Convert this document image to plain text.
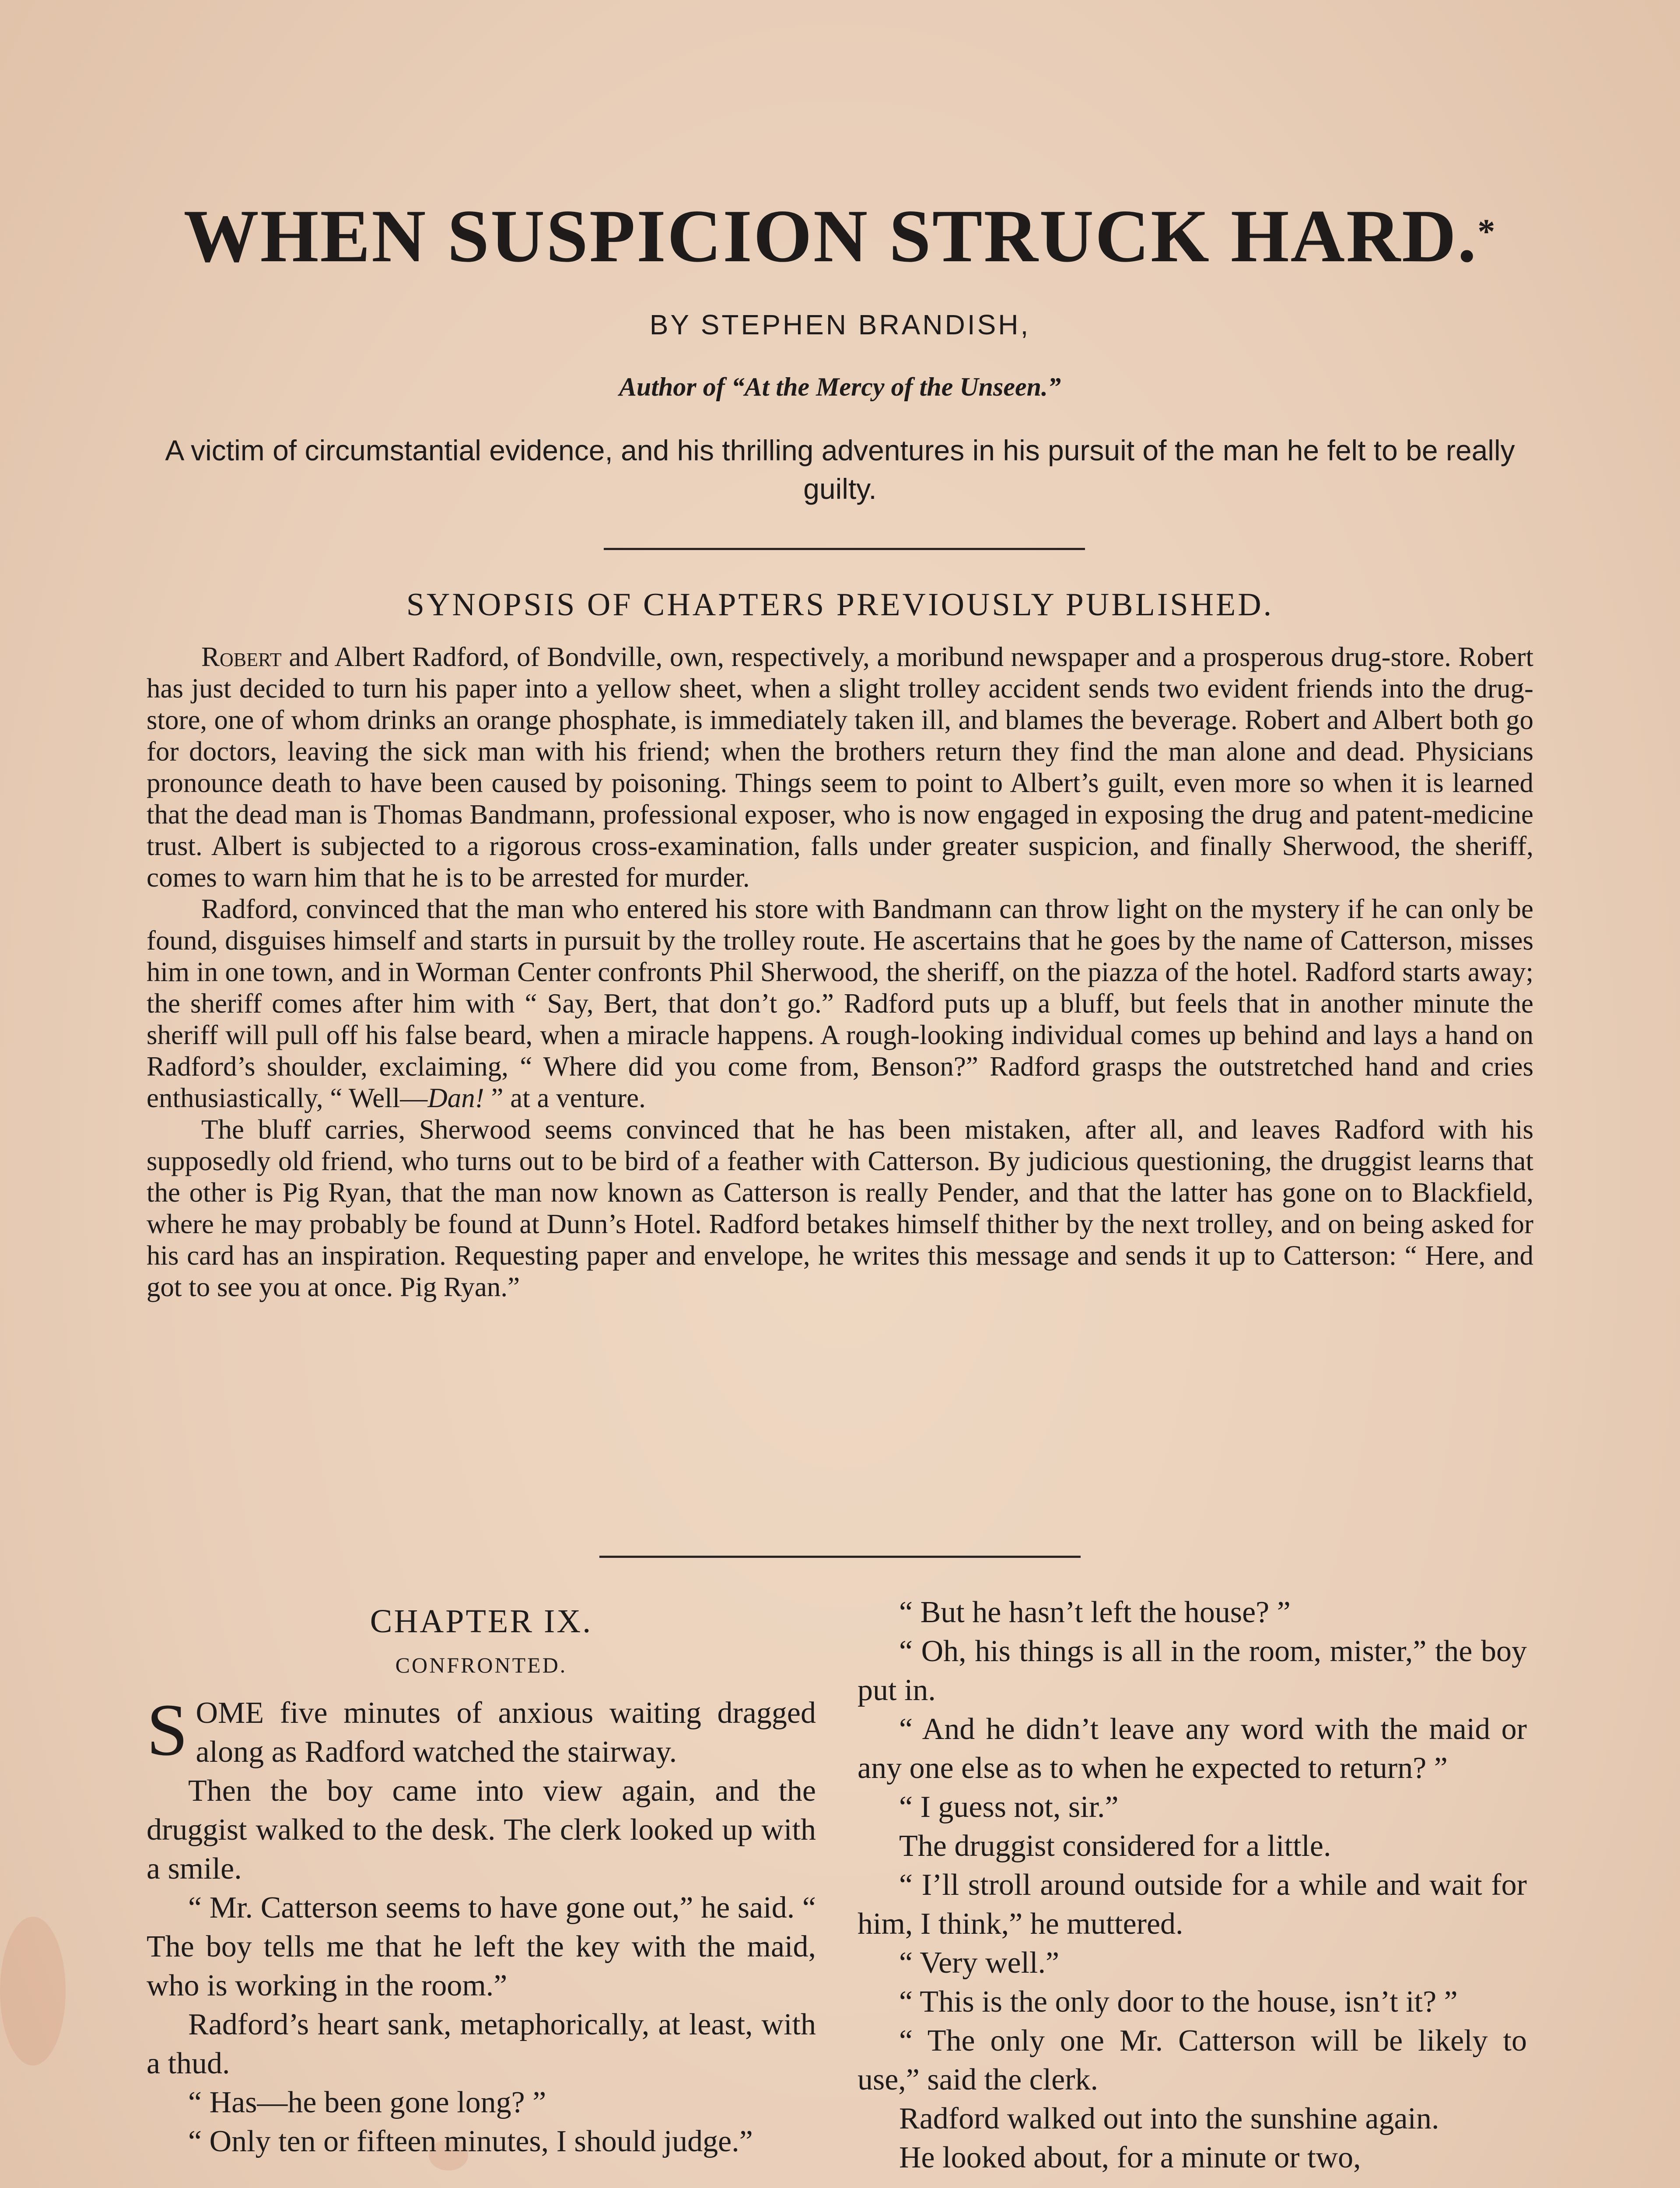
WHEN SUSPICION STRUCK HARD.*
BY STEPHEN BRANDISH,
Author of “At the Mercy of the Unseen.”
A victim of circumstantial evidence, and his thrilling adventures in his pursuit of the man he felt to be really guilty.
SYNOPSIS OF CHAPTERS PREVIOUSLY PUBLISHED.

Robert and Albert Radford, of Bondville, own, respectively, a moribund newspaper and a prosperous drug-store. Robert has just decided to turn his paper into a yellow sheet, when a slight trolley accident sends two evident friends into the drug-store, one of whom drinks an orange phosphate, is immediately taken ill, and blames the beverage. Robert and Albert both go for doctors, leaving the sick man with his friend; when the brothers return they find the man alone and dead. Physicians pronounce death to have been caused by poisoning. Things seem to point to Albert’s guilt, even more so when it is learned that the dead man is Thomas Bandmann, professional exposer, who is now engaged in exposing the drug and patent-medicine trust. Albert is subjected to a rigorous cross-examination, falls under greater suspicion, and finally Sherwood, the sheriff, comes to warn him that he is to be arrested for murder.

Radford, convinced that the man who entered his store with Bandmann can throw light on the mystery if he can only be found, disguises himself and starts in pursuit by the trolley route. He ascertains that he goes by the name of Catterson, misses him in one town, and in Worman Center confronts Phil Sherwood, the sheriff, on the piazza of the hotel. Radford starts away; the sheriff comes after him with “ Say, Bert, that don’t go.” Radford puts up a bluff, but feels that in another minute the sheriff will pull off his false beard, when a miracle happens. A rough-looking individual comes up behind and lays a hand on Radford’s shoulder, exclaiming, “ Where did you come from, Benson?” Radford grasps the outstretched hand and cries enthusiastically, “ Well—Dan! ” at a venture.

The bluff carries, Sherwood seems convinced that he has been mistaken, after all, and leaves Radford with his supposedly old friend, who turns out to be bird of a feather with Catterson. By judicious questioning, the druggist learns that the other is Pig Ryan, that the man now known as Catterson is really Pender, and that the latter has gone on to Blackfield, where he may probably be found at Dunn’s Hotel. Radford betakes himself thither by the next trolley, and on being asked for his card has an inspiration. Requesting paper and envelope, he writes this message and sends it up to Catterson: “ Here, and got to see you at once. Pig Ryan.”

CHAPTER IX.
CONFRONTED.

SOME five minutes of anxious waiting dragged along as Radford watched the stairway.

Then the boy came into view again, and the druggist walked to the desk. The clerk looked up with a smile.

“ Mr. Catterson seems to have gone out,” he said. “ The boy tells me that he left the key with the maid, who is working in the room.”

Radford’s heart sank, metaphorically, at least, with a thud.

“ Has—he been gone long? ”

“ Only ten or fifteen minutes, I should judge.”

“ But he hasn’t left the house? ”

“ Oh, his things is all in the room, mister,” the boy put in.

“ And he didn’t leave any word with the maid or any one else as to when he expected to return? ”

“ I guess not, sir.”

The druggist considered for a little.

“ I’ll stroll around outside for a while and wait for him, I think,” he muttered.

“ Very well.”

“ This is the only door to the house, isn’t it? ”

“ The only one Mr. Catterson will be likely to use,” said the clerk.

Radford walked out into the sunshine again.

He looked about, for a minute or two,
